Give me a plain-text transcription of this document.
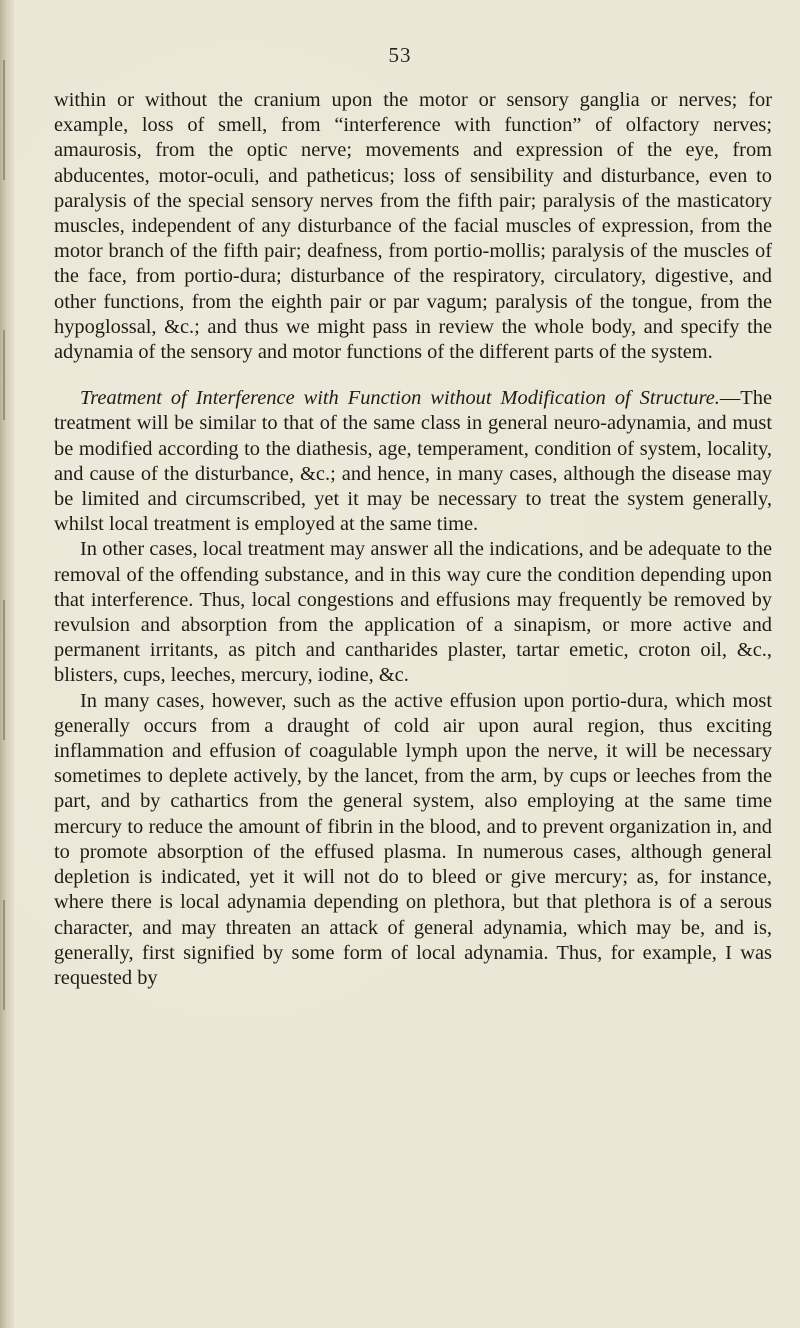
53

within or without the cranium upon the motor or sensory ganglia or nerves; for example, loss of smell, from “interference with function” of olfactory nerves; amaurosis, from the optic nerve; movements and expression of the eye, from abducentes, motor-oculi, and patheticus; loss of sensibility and disturbance, even to paralysis of the special sensory nerves from the fifth pair; paralysis of the masticatory muscles, independent of any disturbance of the facial muscles of expression, from the motor branch of the fifth pair; deafness, from portio-mollis; paralysis of the muscles of the face, from portio-dura; disturbance of the respiratory, circulatory, digestive, and other functions, from the eighth pair or par vagum; paralysis of the tongue, from the hypoglossal, &c.; and thus we might pass in review the whole body, and specify the adynamia of the sensory and motor functions of the different parts of the system.

Treatment of Interference with Function without Modification of Structure.—The treatment will be similar to that of the same class in general neuro-adynamia, and must be modified according to the diathesis, age, temperament, condition of system, locality, and cause of the disturbance, &c.; and hence, in many cases, although the disease may be limited and circumscribed, yet it may be necessary to treat the system generally, whilst local treatment is employed at the same time.

In other cases, local treatment may answer all the indications, and be adequate to the removal of the offending substance, and in this way cure the condition depending upon that interference. Thus, local congestions and effusions may frequently be removed by revulsion and absorption from the application of a sinapism, or more active and permanent irritants, as pitch and cantharides plaster, tartar emetic, croton oil, &c., blisters, cups, leeches, mercury, iodine, &c.

In many cases, however, such as the active effusion upon portio-dura, which most generally occurs from a draught of cold air upon aural region, thus exciting inflammation and effusion of coagulable lymph upon the nerve, it will be necessary sometimes to deplete actively, by the lancet, from the arm, by cups or leeches from the part, and by cathartics from the general system, also employing at the same time mercury to reduce the amount of fibrin in the blood, and to prevent organization in, and to promote absorption of the effused plasma. In numerous cases, although general depletion is indicated, yet it will not do to bleed or give mercury; as, for instance, where there is local adynamia depending on plethora, but that plethora is of a serous character, and may threaten an attack of general adynamia, which may be, and is, generally, first signified by some form of local adynamia. Thus, for example, I was requested by
